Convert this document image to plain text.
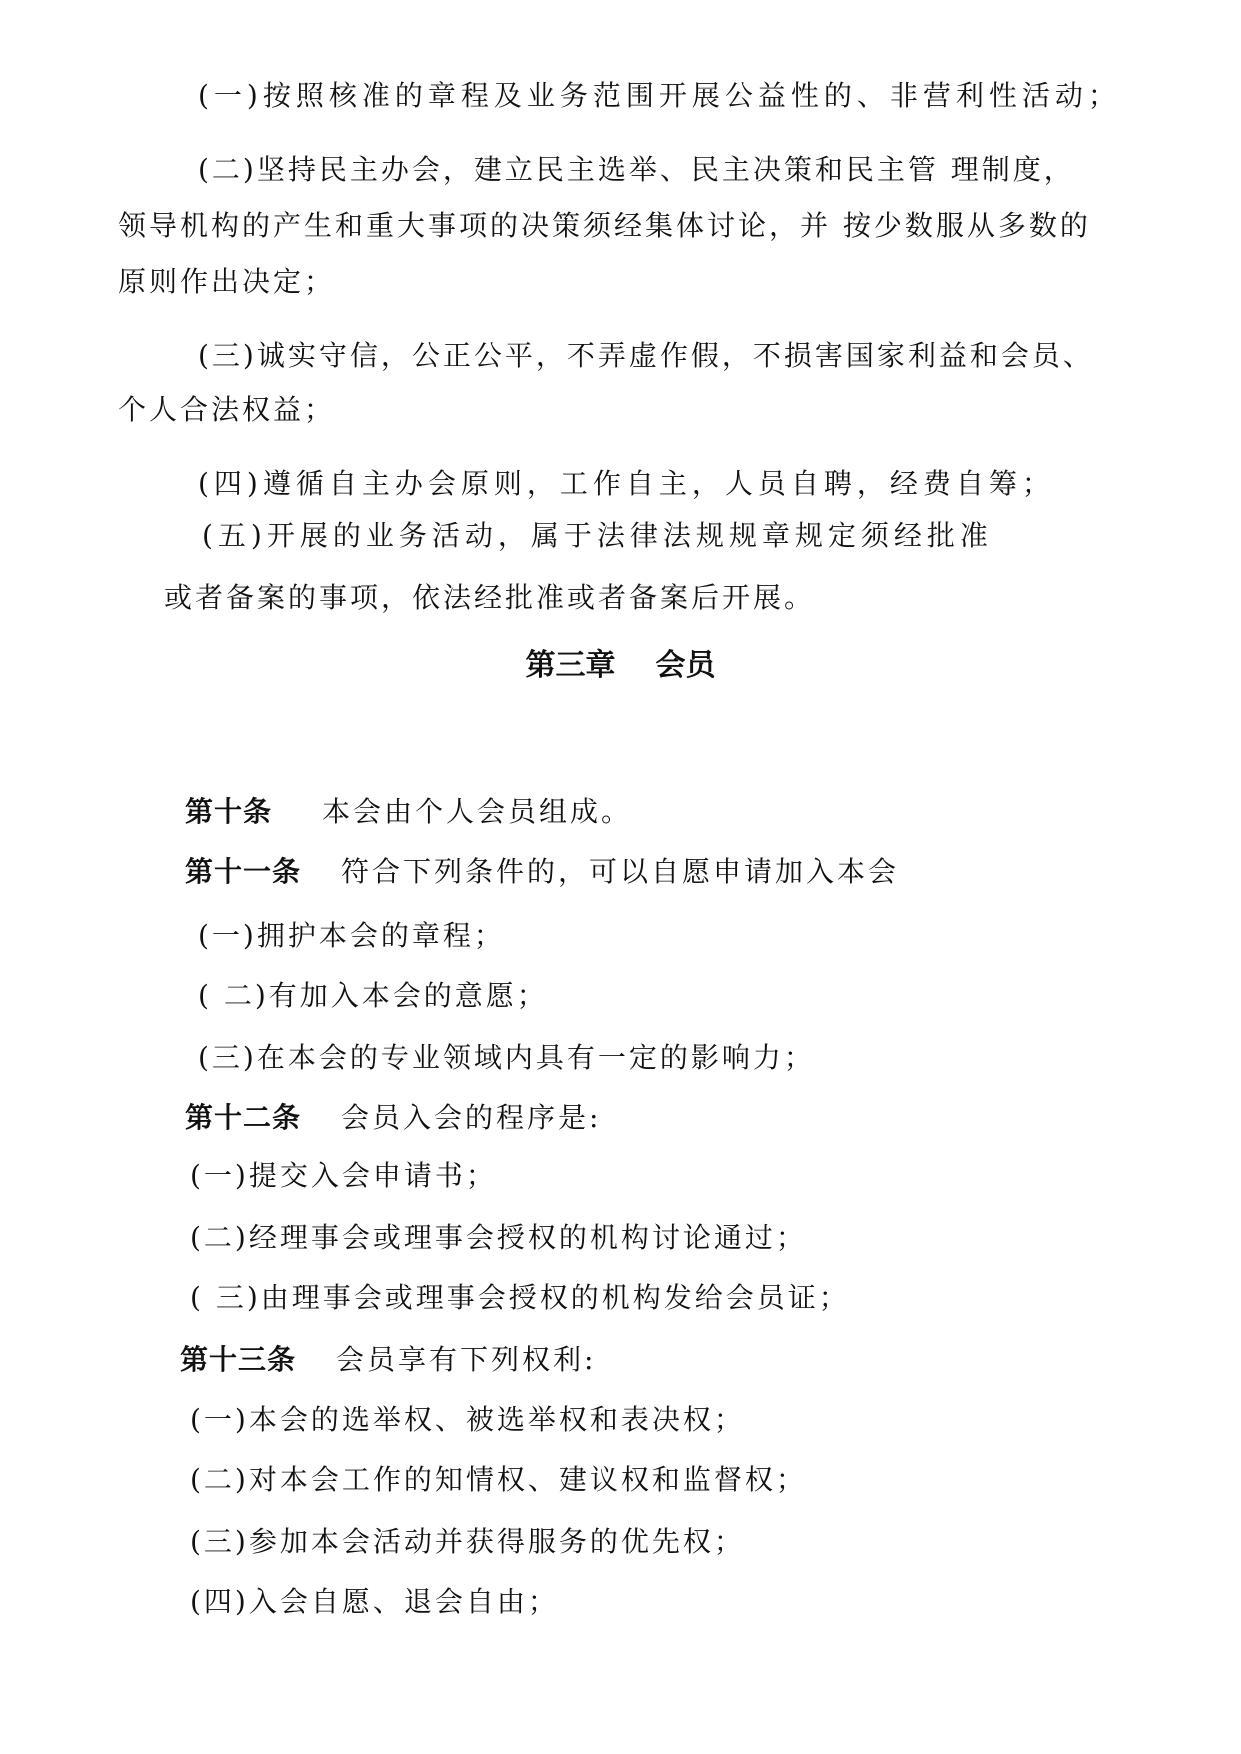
(一)按照核准的章程及业务范围开展公益性的、非营利性活动；
(二)坚持民主办会，建立民主选举、民主决策和民主管 理制度，
领导机构的产生和重大事项的决策须经集体讨论，并 按少数服从多数的
原则作出决定；
(三)诚实守信，公正公平，不弄虚作假，不损害国家利益和会员、
个人合法权益；
(四)遵循自主办会原则，工作自主，人员自聘，经费自筹；
(五)开展的业务活动，属于法律法规规章规定须经批准
或者备案的事项，依法经批准或者备案后开展。
第三章 会员
第十条 本会由个人会员组成。
第十一条 符合下列条件的，可以自愿申请加入本会
(一)拥护本会的章程；
( 二)有加入本会的意愿；
(三)在本会的专业领域内具有一定的影响力；
第十二条 会员入会的程序是:
(一)提交入会申请书；
(二)经理事会或理事会授权的机构讨论通过；
( 三)由理事会或理事会授权的机构发给会员证；
第十三条 会员享有下列权利:
(一)本会的选举权、被选举权和表决权；
(二)对本会工作的知情权、建议权和监督权；
(三)参加本会活动并获得服务的优先权；
(四)入会自愿、退会自由；
